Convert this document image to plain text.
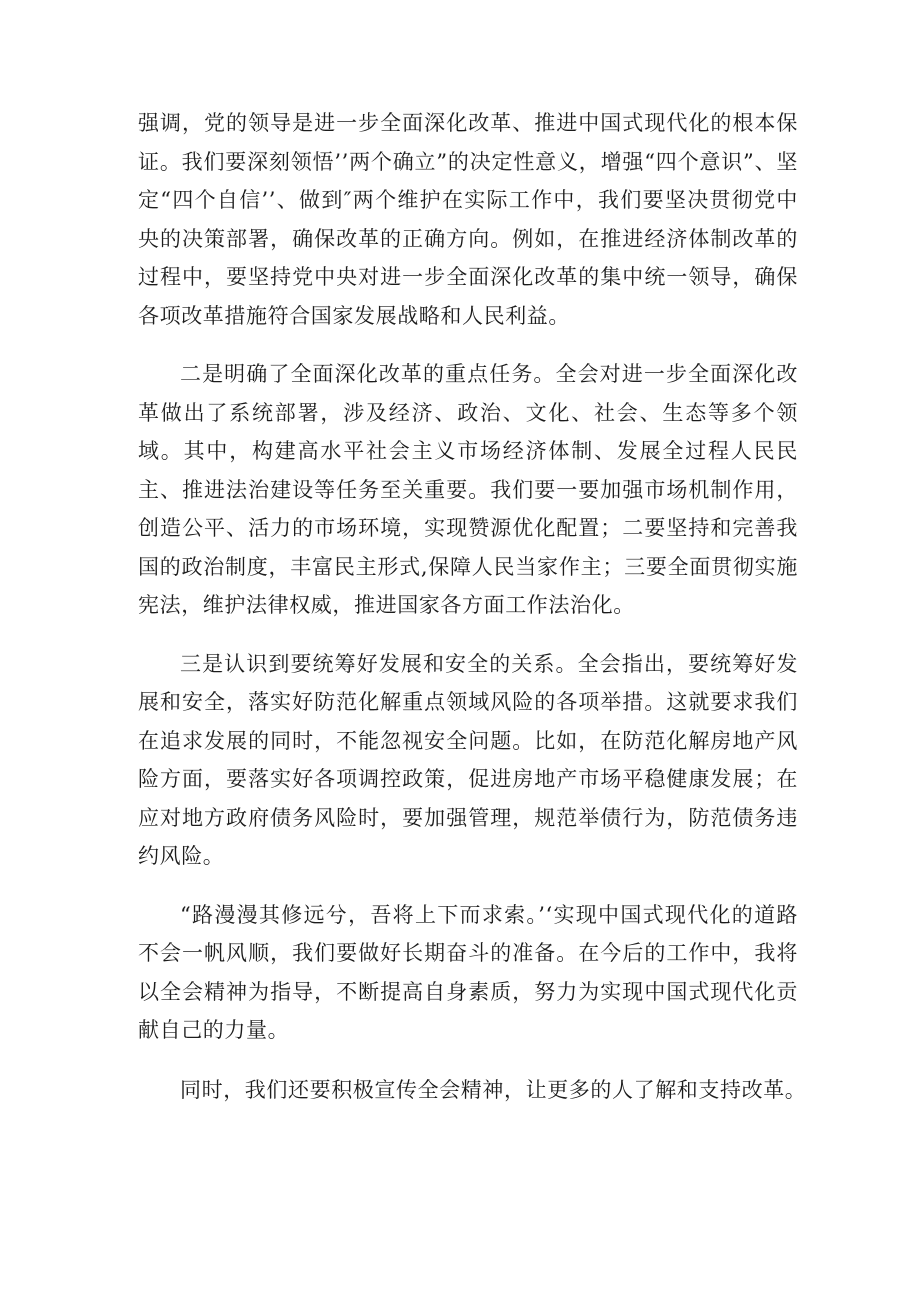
强调，党的领导是进一步全面深化改革、推进中国式现代化的根本保证。我们要深刻领悟’’两个确立”的决定性意义，增强“四个意识”、坚定“四个自信’’、做到″两个维护在实际工作中，我们要坚决贯彻党中央的决策部署，确保改革的正确方向。例如，在推进经济体制改革的过程中，要坚持党中央对进一步全面深化改革的集中统一领导，确保各项改革措施符合国家发展战略和人民利益。

二是明确了全面深化改革的重点任务。全会对进一步全面深化改革做出了系统部署，涉及经济、政治、文化、社会、生态等多个领域。其中，构建高水平社会主义市场经济体制、发展全过程人民民主、推进法治建设等任务至关重要。我们要一要加强市场机制作用，创造公平、活力的市场环境，实现赞源优化配置；二要坚持和完善我国的政治制度，丰富民主形式,保障人民当家作主；三要全面贯彻实施宪法，维护法律权威，推进国家各方面工作法治化。

三是认识到要统筹好发展和安全的关系。全会指出，要统筹好发展和安全，落实好防范化解重点领域风险的各项举措。这就要求我们在追求发展的同时，不能忽视安全问题。比如，在防范化解房地产风险方面，要落实好各项调控政策，促进房地产市场平稳健康发展；在应对地方政府债务风险时，要加强管理，规范举债行为，防范债务违约风险。

“路漫漫其修远兮，吾将上下而求索。’‘实现中国式现代化的道路不会一帆风顺，我们要做好长期奋斗的准备。在今后的工作中，我将以全会精神为指导，不断提高自身素质，努力为实现中国式现代化贡献自己的力量。

同时，我们还要积极宣传全会精神，让更多的人了解和支持改革。
